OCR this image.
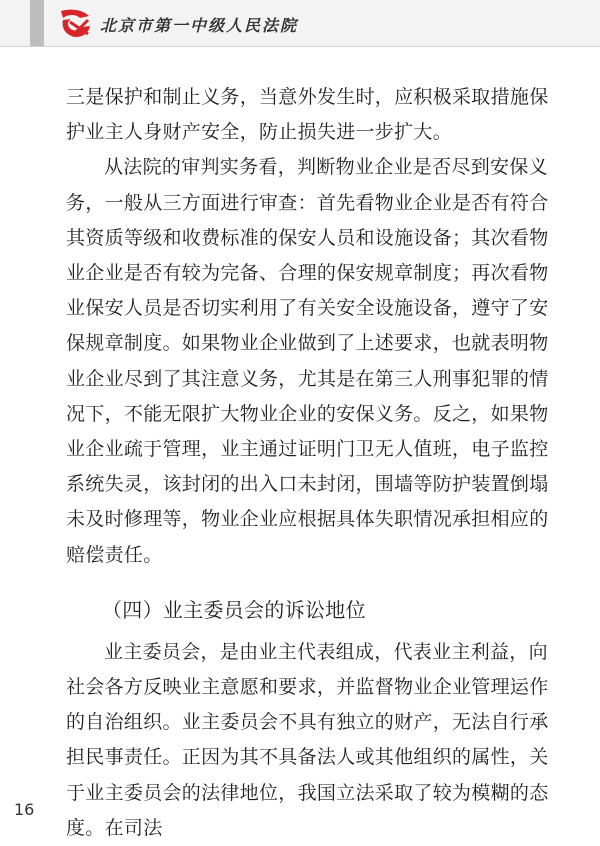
北京市第一中级人民法院

三是保护和制止义务，当意外发生时，应积极采取措施保护业主人身财产安全，防止损失进一步扩大。

从法院的审判实务看，判断物业企业是否尽到安保义务，一般从三方面进行审查：首先看物业企业是否有符合其资质等级和收费标准的保安人员和设施设备；其次看物业企业是否有较为完备、合理的保安规章制度；再次看物业保安人员是否切实利用了有关安全设施设备，遵守了安保规章制度。如果物业企业做到了上述要求，也就表明物业企业尽到了其注意义务，尤其是在第三人刑事犯罪的情况下，不能无限扩大物业企业的安保义务。反之，如果物业企业疏于管理，业主通过证明门卫无人值班，电子监控系统失灵，该封闭的出入口未封闭，围墙等防护装置倒塌未及时修理等，物业企业应根据具体失职情况承担相应的赔偿责任。

（四）业主委员会的诉讼地位

业主委员会，是由业主代表组成，代表业主利益，向社会各方反映业主意愿和要求，并监督物业企业管理运作的自治组织。业主委员会不具有独立的财产，无法自行承担民事责任。正因为其不具备法人或其他组织的属性，关于业主委员会的法律地位，我国立法采取了较为模糊的态度。在司法

16
